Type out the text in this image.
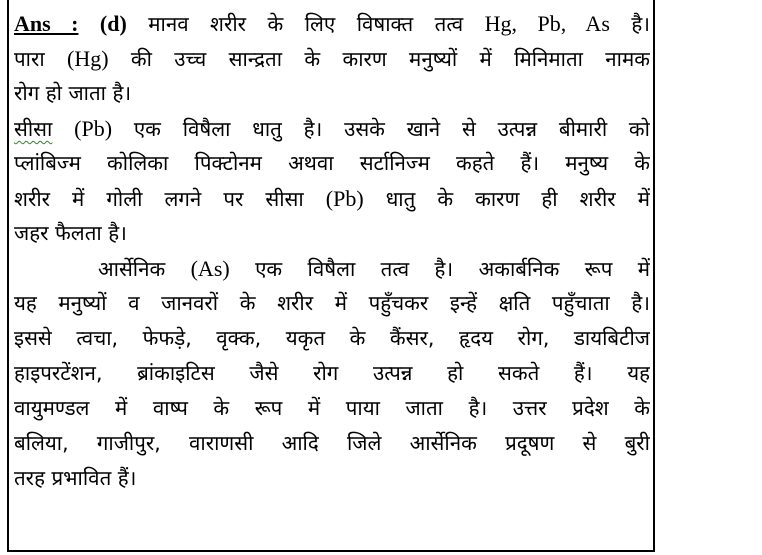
Ans : (d) मानव शरीर के लिए विषाक्त तत्व Hg, Pb, As है।
पारा (Hg) की उच्च सान्द्रता के कारण मनुष्यों में मिनिमाता नामक
रोग हो जाता है।
सीसा (Pb) एक विषैला धातु है। उसके खाने से उत्पन्न बीमारी को
प्लांबिज्म कोलिका पिक्टोनम अथवा सर्टानिज्म कहते हैं। मनुष्य के
शरीर में गोली लगने पर सीसा (Pb) धातु के कारण ही शरीर में
जहर फैलता है।
आर्सेनिक (As) एक विषैला तत्व है। अकार्बनिक रूप में
यह मनुष्यों व जानवरों के शरीर में पहुँचकर इन्हें क्षति पहुँचाता है।
इससे त्वचा, फेफड़े, वृक्क, यकृत के कैंसर, हृदय रोग, डायबिटीज
हाइपरटेंशन, ब्रांकाइटिस जैसे रोग उत्पन्न हो सकते हैं। यह
वायुमण्डल में वाष्प के रूप में पाया जाता है। उत्तर प्रदेश के
बलिया, गाजीपुर, वाराणसी आदि जिले आर्सेनिक प्रदूषण से बुरी
तरह प्रभावित हैं।
